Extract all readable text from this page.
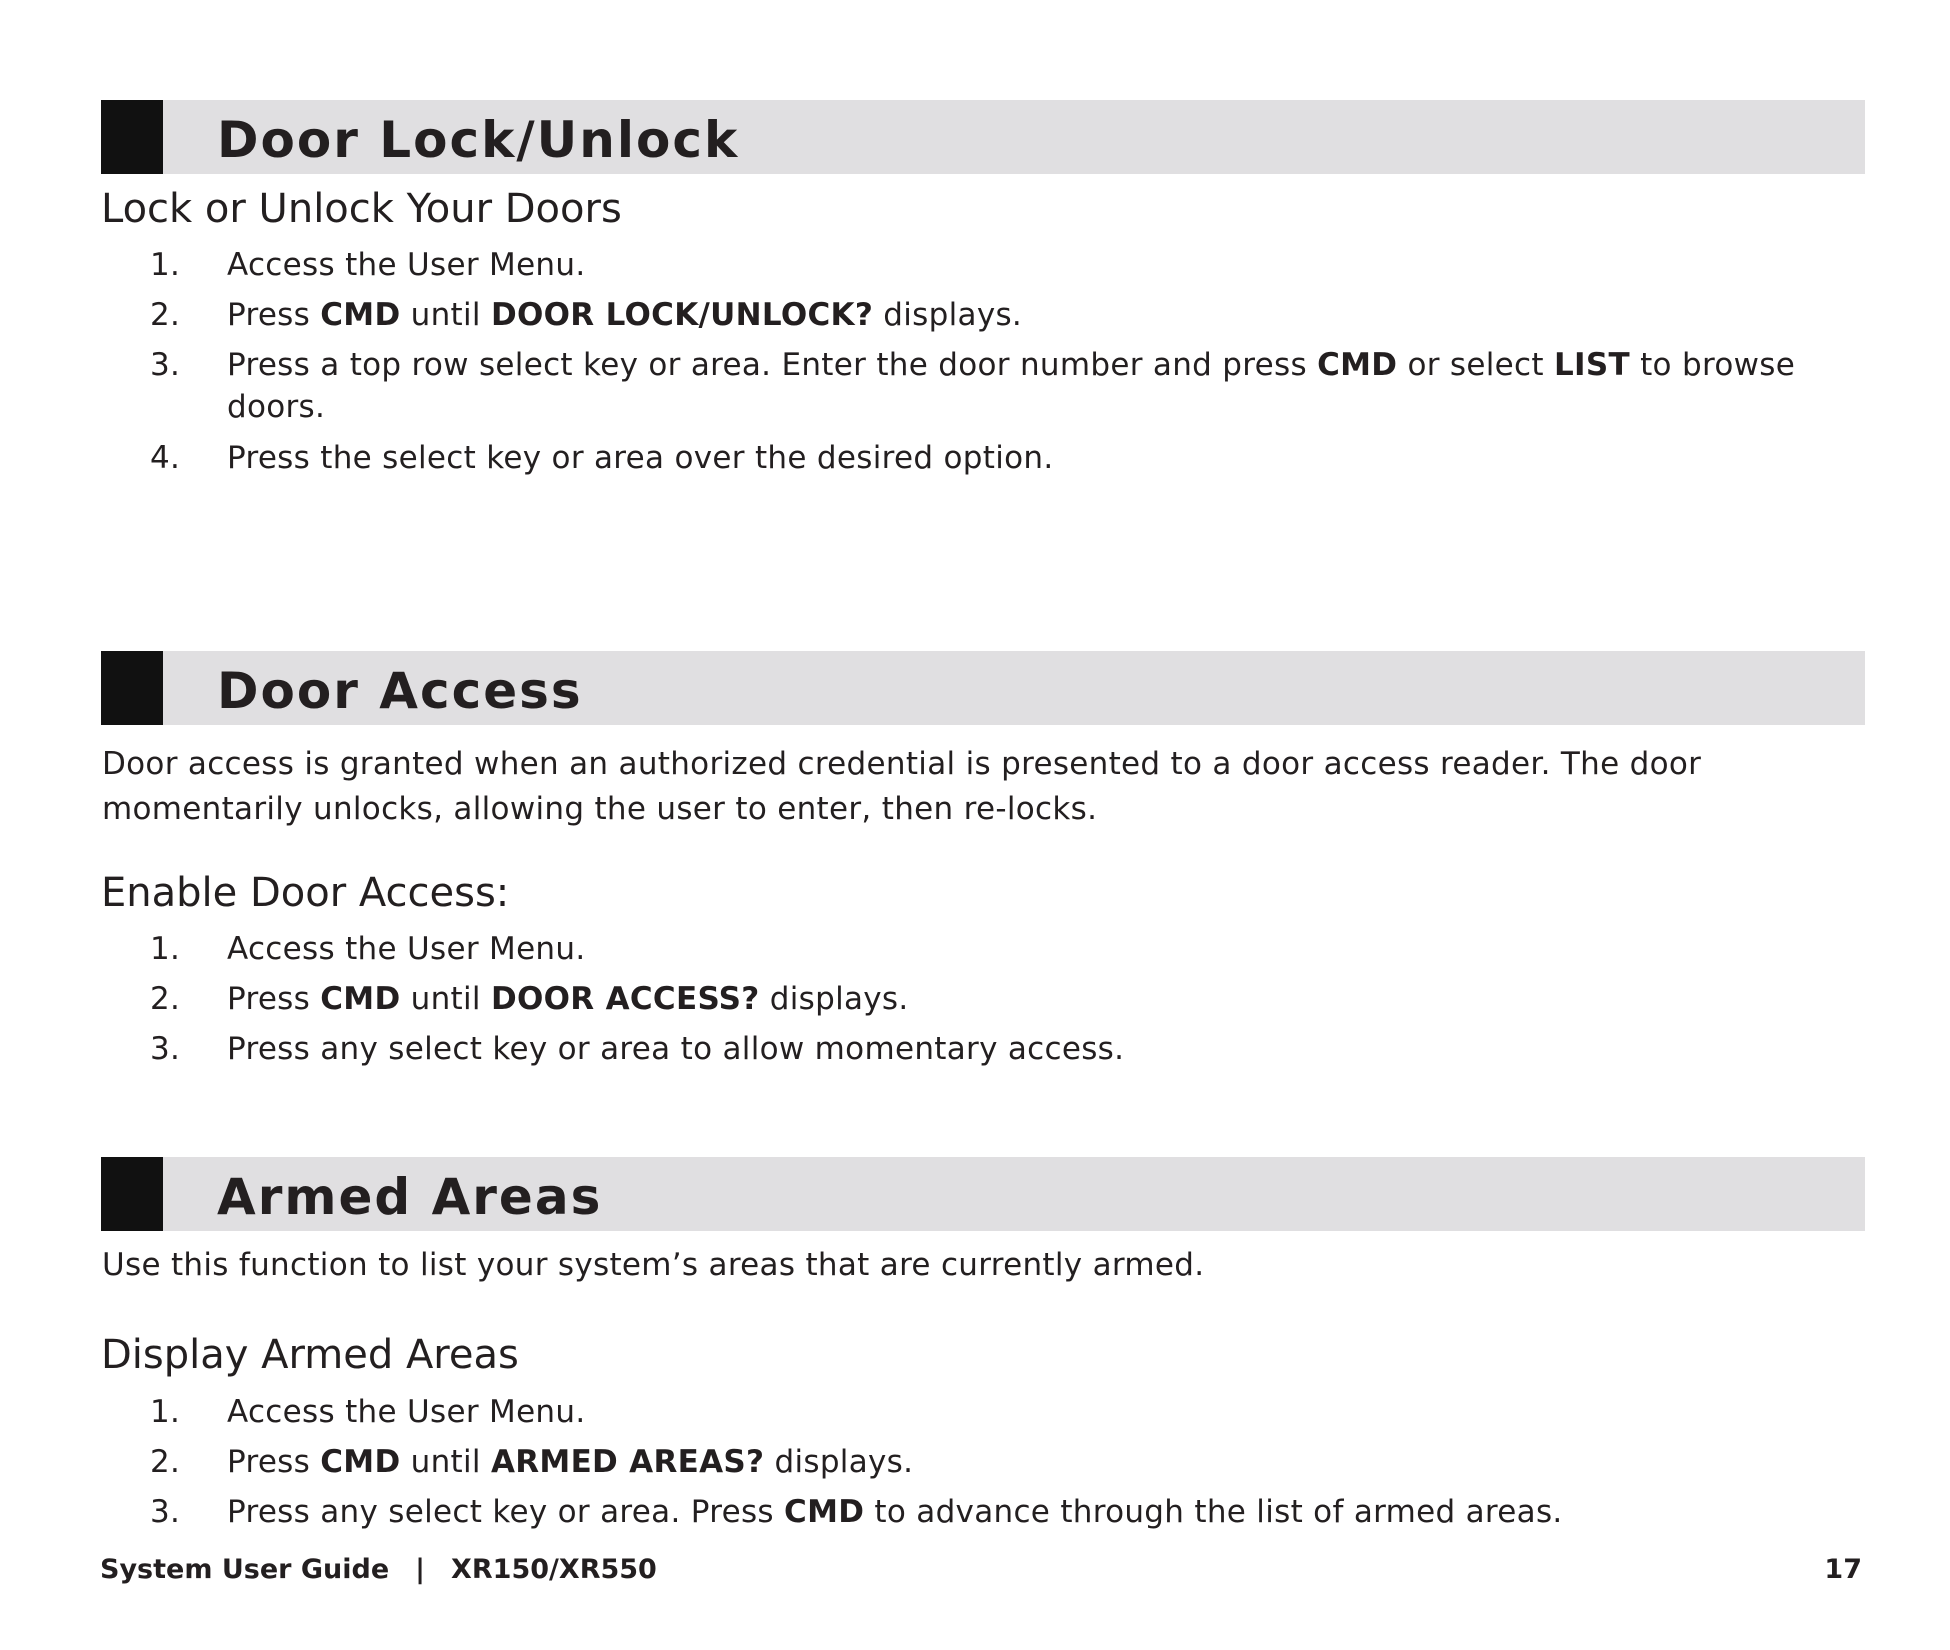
Door Lock/Unlock
Lock or Unlock Your Doors
1.	Access the User Menu.
2.	Press CMD until DOOR LOCK/UNLOCK? displays.
3.	Press a top row select key or area. Enter the door number and press CMD or select LIST to browse doors.
4.	Press the select key or area over the desired option.
Door Access
Door access is granted when an authorized credential is presented to a door access reader. The door momentarily unlocks, allowing the user to enter, then re-locks.
Enable Door Access:
1.	Access the User Menu.
2.	Press CMD until DOOR ACCESS? displays.
3.	Press any select key or area to allow momentary access.
Armed Areas
Use this function to list your system’s areas that are currently armed.
Display Armed Areas
1.	Access the User Menu.
2.	Press CMD until ARMED AREAS? displays.
3.	Press any select key or area. Press CMD to advance through the list of armed areas.
System User Guide | XR150/XR550	17
